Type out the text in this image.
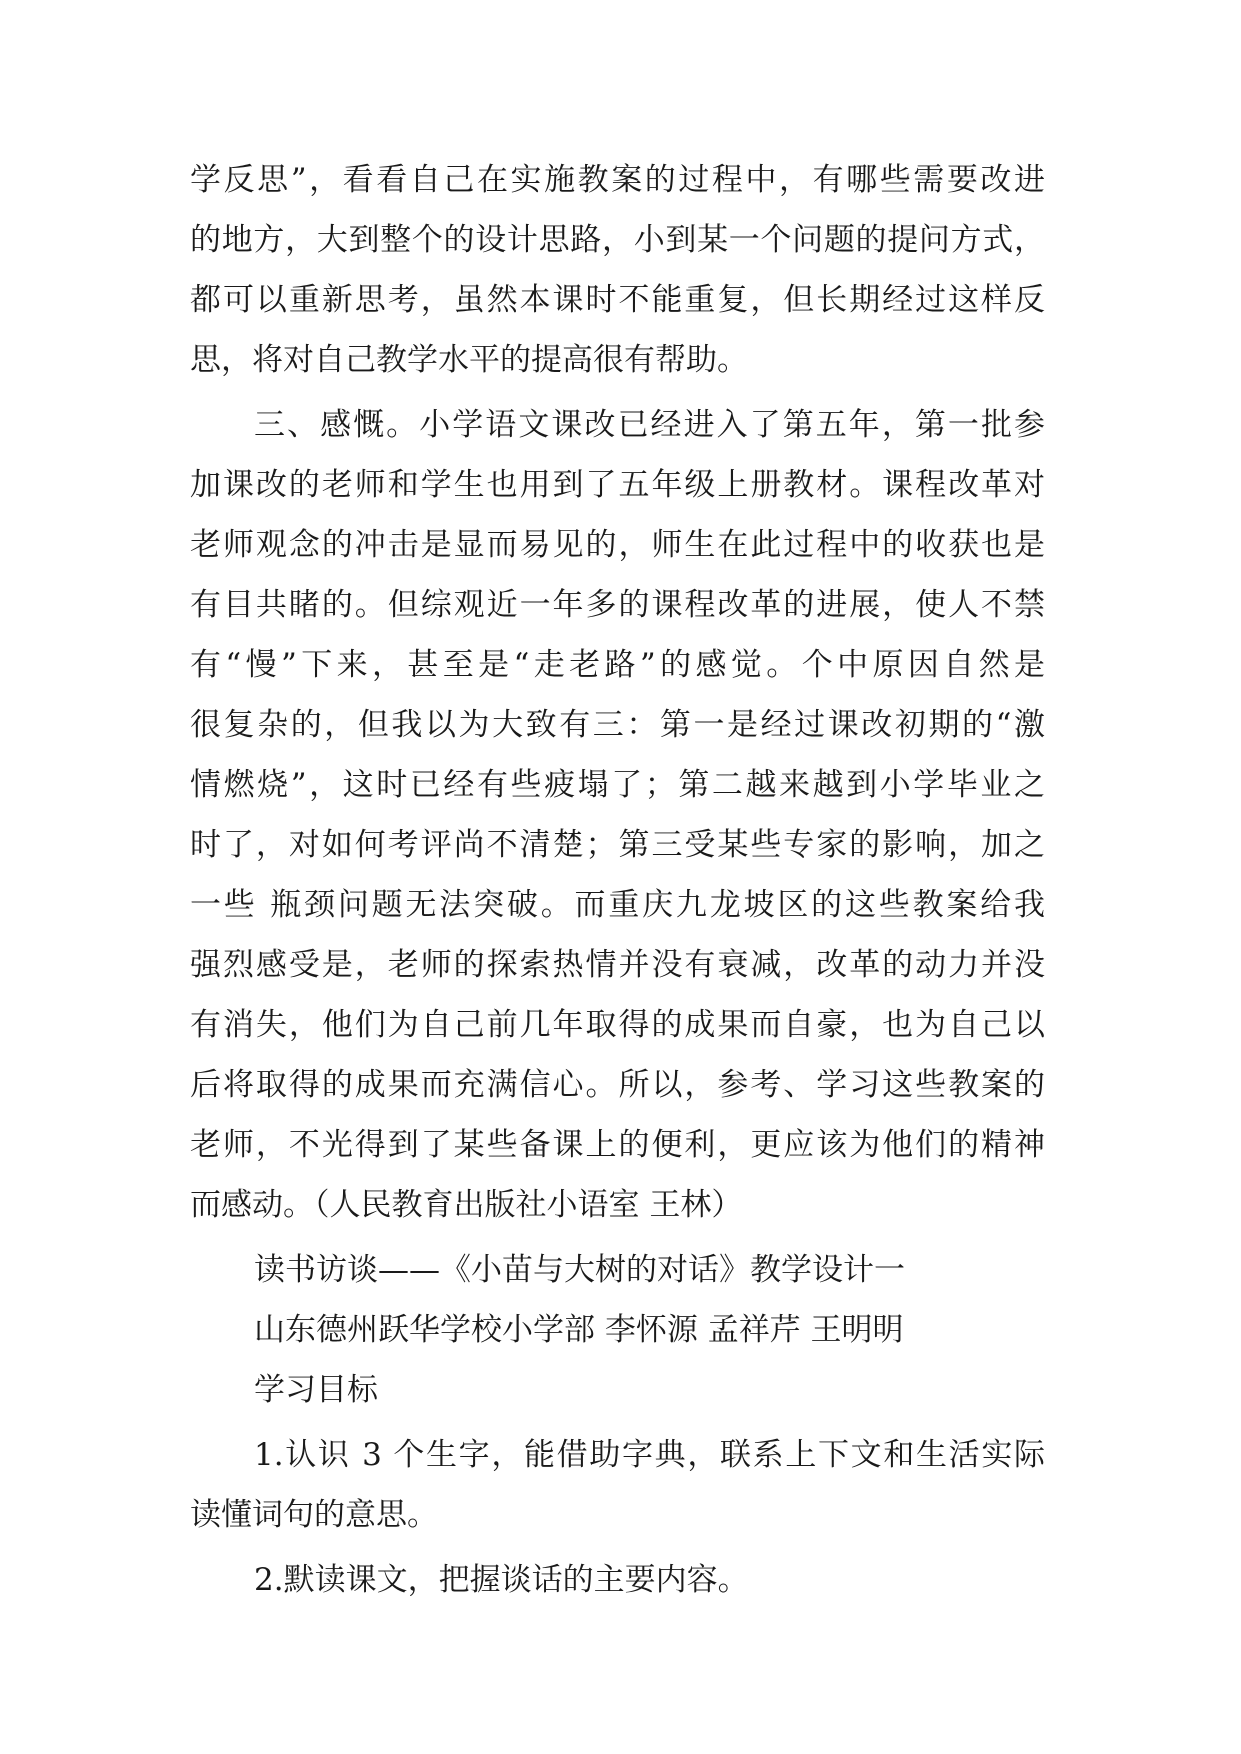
学反思”，看看自己在实施教案的过程中，有哪些需要改进
的地方，大到整个的设计思路，小到某一个问题的提问方式，
都可以重新思考，虽然本课时不能重复，但长期经过这样反
思，将对自己教学水平的提高很有帮助。
三、感慨。小学语文课改已经进入了第五年，第一批参
加课改的老师和学生也用到了五年级上册教材。课程改革对
老师观念的冲击是显而易见的，师生在此过程中的收获也是
有目共睹的。但综观近一年多的课程改革的进展，使人不禁
有“慢”下来，甚至是“走老路”的感觉。个中原因自然是
很复杂的，但我以为大致有三：第一是经过课改初期的“激
情燃烧”，这时已经有些疲塌了；第二越来越到小学毕业之
时了，对如何考评尚不清楚；第三受某些专家的影响，加之
一些 瓶颈问题无法突破。而重庆九龙坡区的这些教案给我
强烈感受是，老师的探索热情并没有衰减，改革的动力并没
有消失，他们为自己前几年取得的成果而自豪，也为自己以
后将取得的成果而充满信心。所以，参考、学习这些教案的
老师，不光得到了某些备课上的便利，更应该为他们的精神
而感动。（人民教育出版社小语室 王林）
读书访谈——《小苗与大树的对话》教学设计一
山东德州跃华学校小学部 李怀源 孟祥芹 王明明
学习目标
1.认识 3 个生字，能借助字典，联系上下文和生活实际
读懂词句的意思。
2.默读课文，把握谈话的主要内容。
